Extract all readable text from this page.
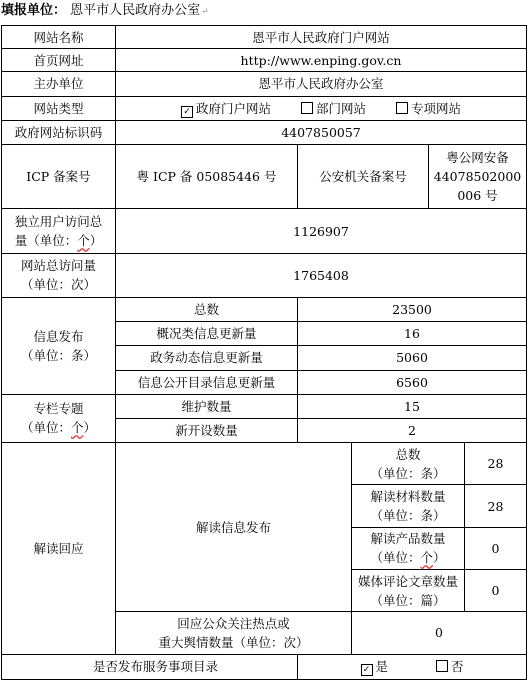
填报单位： 恩平市人民政府办公室↵
网站名称	恩平市人民政府门户网站				
首页网址	http://www.enping.gov.cn				
主办单位	恩平市人民政府办公室				
网站类型	✓ 政府门户网站 部门网站 专项网站				
政府网站标识码	4407850057				
ICP 备案号	粤 ICP 备 05085446 号	公安机关备案号		粤公网安备
44078502000
006 号	

独立用户访问总
量（单位：个）	1126907				

网站总访问量
（单位：次）	1765408				

信息发布
（单位：条）	总数	23500			
	概况类信息更新量	16			
	政务动态信息更新量	5060			
	信息公开目录信息更新量	6560			

专栏专题
（单位：个）	维护数量	15			
	新开设数量	2			
解读回应	解读信息发布		总数
（单位：条）		28

			解读材料数量
（单位：条）		28

			解读产品数量
（单位：个）		0

			媒体评论文章数量
（单位：篇）		0

	回应公众关注热点或
重大舆情数量（单位：次）		0		
是否发布服务事项目录		✓ 是 否			
